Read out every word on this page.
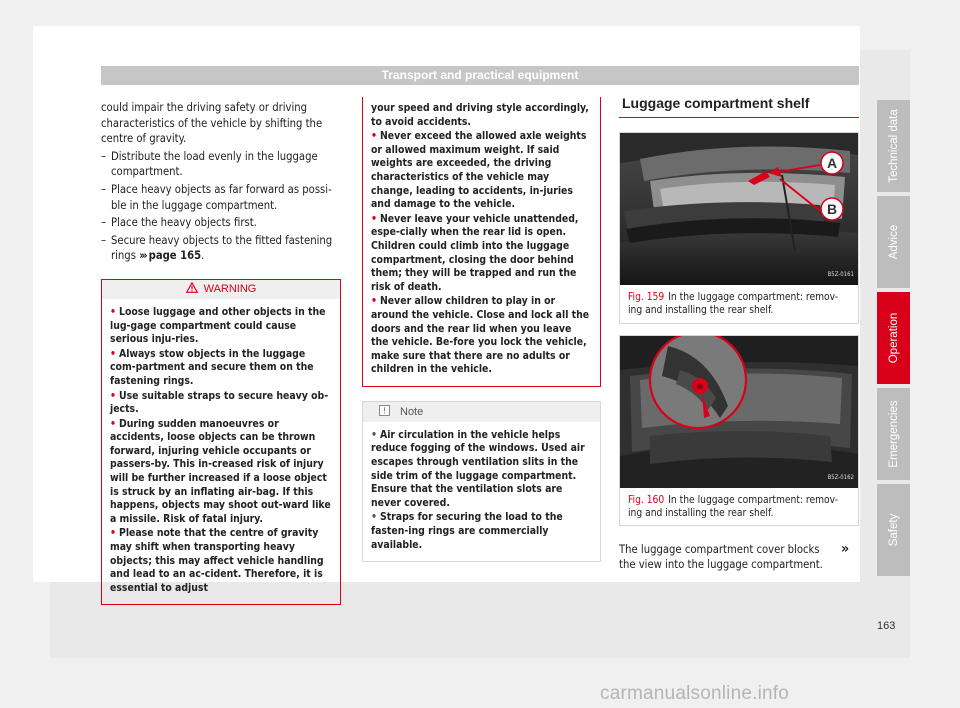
Transport and practical equipment

could impair the driving safety or driving characteristics of the vehicle by shifting the centre of gravity.

– Distribute the load evenly in the luggage compartment.
– Place heavy objects as far forward as possi-ble in the luggage compartment.
– Place the heavy objects first.
– Secure heavy objects to the fitted fastening rings ››› page 165.
WARNING
• Loose luggage and other objects in the lug-gage compartment could cause serious inju-ries.
• Always stow objects in the luggage com-partment and secure them on the fastening rings.
• Use suitable straps to secure heavy ob-jects.
• During sudden manoeuvres or accidents, loose objects can be thrown forward, injuring vehicle occupants or passers-by. This in-creased risk of injury will be further increased if a loose object is struck by an inflating air-bag. If this happens, objects may shoot out-ward like a missile. Risk of fatal injury.
• Please note that the centre of gravity may shift when transporting heavy objects; this may affect vehicle handling and lead to an ac-cident. Therefore, it is essential to adjust
your speed and driving style accordingly, to avoid accidents.
• Never exceed the allowed axle weights or allowed maximum weight. If said weights are exceeded, the driving characteristics of the vehicle may change, leading to accidents, in-juries and damage to the vehicle.
• Never leave your vehicle unattended, espe-cially when the rear lid is open. Children could climb into the luggage compartment, closing the door behind them; they will be trapped and run the risk of death.
• Never allow children to play in or around the vehicle. Close and lock all the doors and the rear lid when you leave the vehicle. Be-fore you lock the vehicle, make sure that there are no adults or children in the vehicle.
Note
• Air circulation in the vehicle helps reduce fogging of the windows. Used air escapes through ventilation slits in the side trim of the luggage compartment. Ensure that the ventilation slots are never covered.
• Straps for securing the load to the fasten-ing rings are commercially available.
Luggage compartment shelf
A
B
B5Z-0161
Fig. 159 In the luggage compartment: remov-ing and installing the rear shelf.
B5Z-0162
Fig. 160 In the luggage compartment: remov-ing and installing the rear shelf.

The luggage compartment cover blocks the view into the luggage compartment.

»
Technical data
Advice
Operation
Emergencies
Safety
163
carmanualsonline.info
